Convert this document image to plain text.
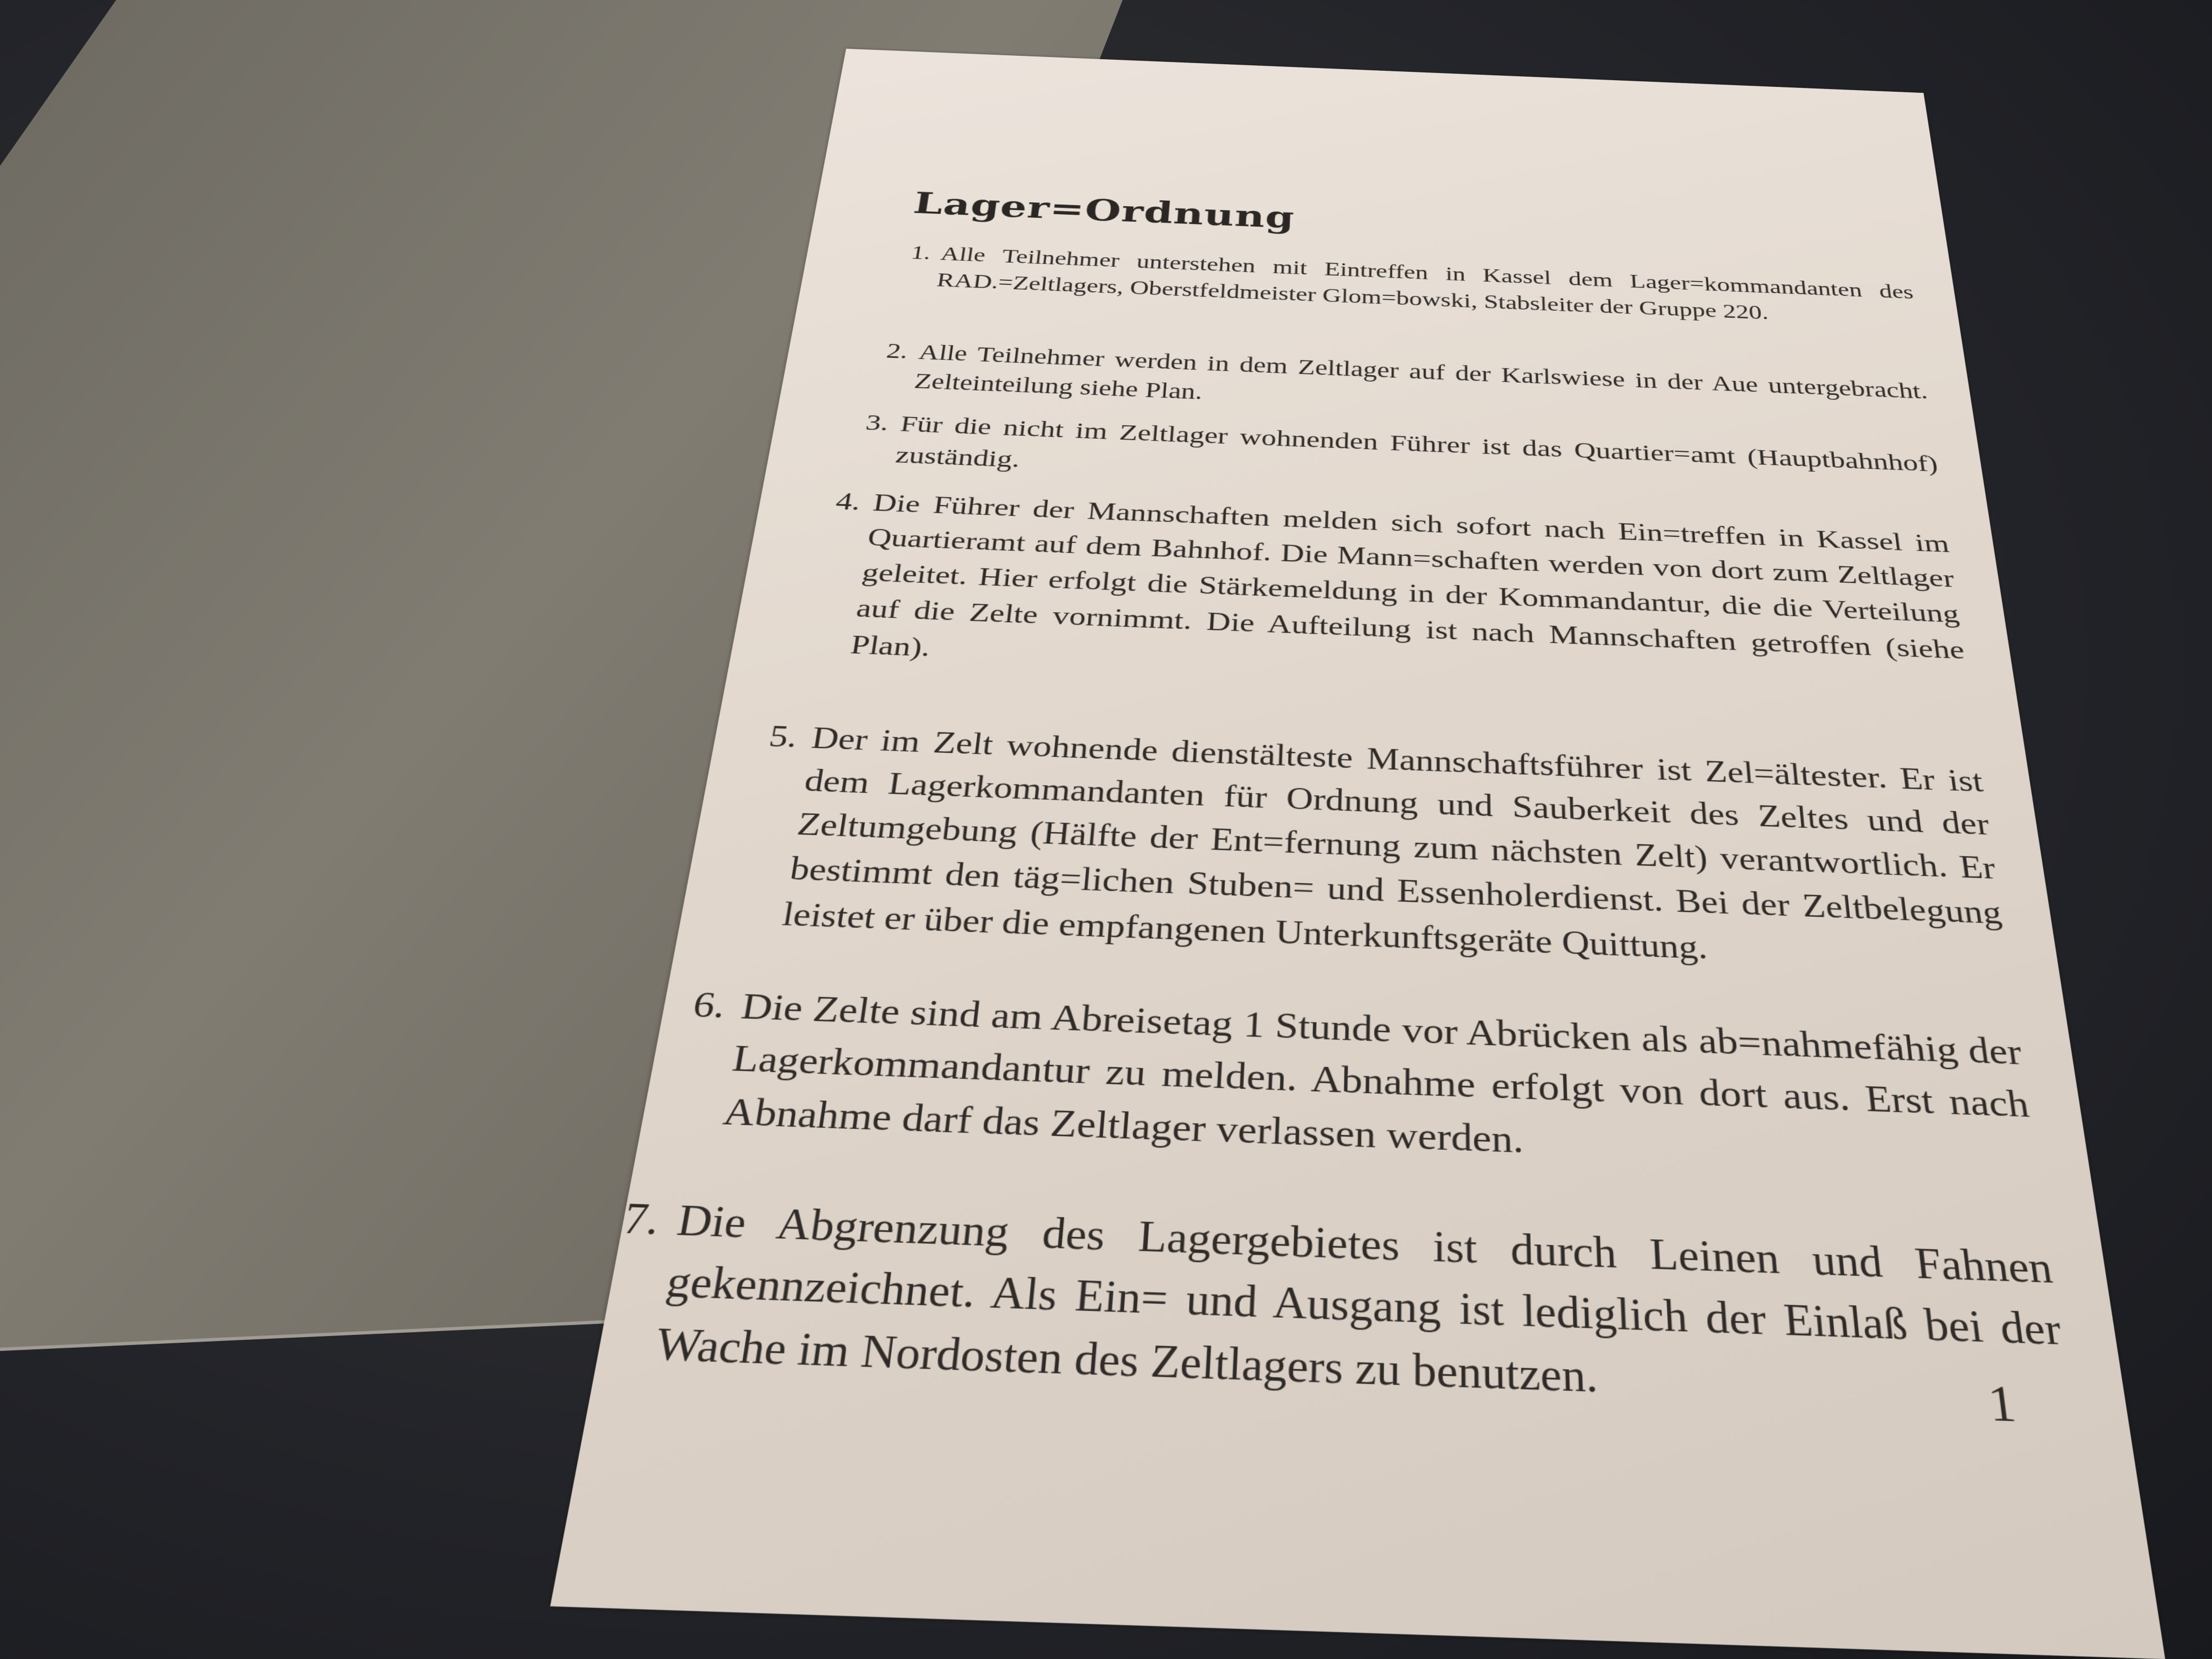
Lager=Ordnung
1. Alle Teilnehmer unterstehen mit Eintreffen in Kassel dem Lager=kommandanten des RAD.=Zeltlagers, Oberstfeldmeister Glom=bowski, Stabsleiter der Gruppe 220.
2. Alle Teilnehmer werden in dem Zeltlager auf der Karlswiese in der Aue untergebracht. Zelteinteilung siehe Plan.
3. Für die nicht im Zeltlager wohnenden Führer ist das Quartier=amt (Hauptbahnhof) zuständig.
4. Die Führer der Mannschaften melden sich sofort nach Ein=treffen in Kassel im Quartieramt auf dem Bahnhof. Die Mann=schaften werden von dort zum Zeltlager geleitet. Hier erfolgt die Stärkemeldung in der Kommandantur, die die Verteilung auf die Zelte vornimmt. Die Aufteilung ist nach Mannschaften getroffen (siehe Plan).
5. Der im Zelt wohnende dienstälteste Mannschaftsführer ist Zel=ältester. Er ist dem Lagerkommandanten für Ordnung und Sauberkeit des Zeltes und der Zeltumgebung (Hälfte der Ent=fernung zum nächsten Zelt) verantwortlich. Er bestimmt den täg=lichen Stuben= und Essenholerdienst. Bei der Zeltbelegung leistet er über die empfangenen Unterkunftsgeräte Quittung.
6. Die Zelte sind am Abreisetag 1 Stunde vor Abrücken als ab=nahmefähig der Lagerkommandantur zu melden. Abnahme erfolgt von dort aus. Erst nach Abnahme darf das Zeltlager verlassen werden.
7. Die Abgrenzung des Lagergebietes ist durch Leinen und Fahnen gekennzeichnet. Als Ein= und Ausgang ist lediglich der Einlaß bei der Wache im Nordosten des Zeltlagers zu benutzen.
1
